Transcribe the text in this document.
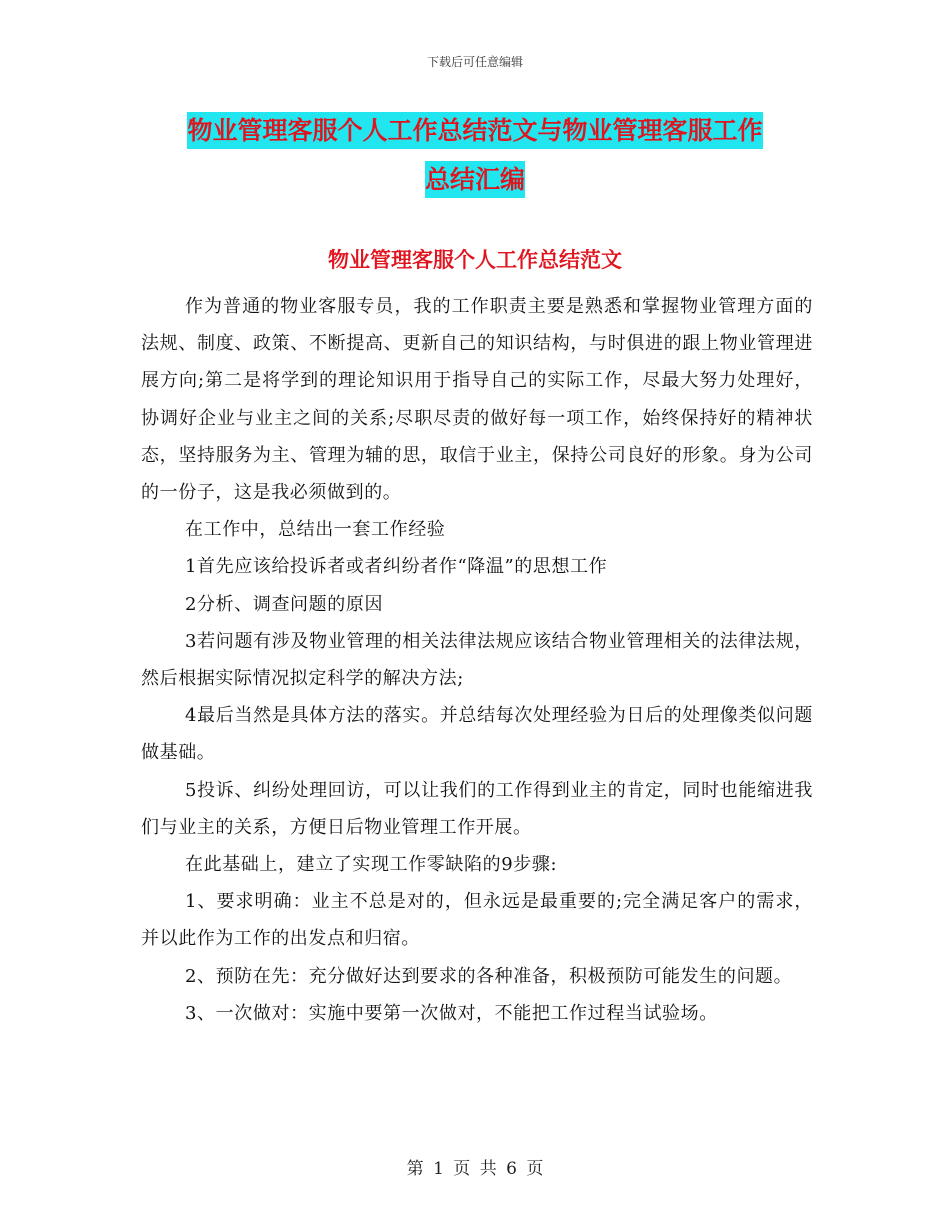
下载后可任意编辑
物业管理客服个人工作总结范文与物业管理客服工作
总结汇编
物业管理客服个人工作总结范文

作为普通的物业客服专员，我的工作职责主要是熟悉和掌握物业管理方面的法规、制度、政策、不断提高、更新自己的知识结构，与时俱进的跟上物业管理进展方向;第二是将学到的理论知识用于指导自己的实际工作，尽最大努力处理好，协调好企业与业主之间的关系;尽职尽责的做好每一项工作，始终保持好的精神状态，坚持服务为主、管理为辅的思，取信于业主，保持公司良好的形象。身为公司的一份子，这是我必须做到的。

在工作中，总结出一套工作经验

1首先应该给投诉者或者纠纷者作“降温”的思想工作

2分析、调查问题的原因

3若问题有涉及物业管理的相关法律法规应该结合物业管理相关的法律法规，然后根据实际情况拟定科学的解决方法;

4最后当然是具体方法的落实。并总结每次处理经验为日后的处理像类似问题做基础。

5投诉、纠纷处理回访，可以让我们的工作得到业主的肯定，同时也能缩进我们与业主的关系，方便日后物业管理工作开展。

在此基础上，建立了实现工作零缺陷的9步骤:

1、要求明确：业主不总是对的，但永远是最重要的;完全满足客户的需求，并以此作为工作的出发点和归宿。

2、预防在先：充分做好达到要求的各种准备，积极预防可能发生的问题。

3、一次做对：实施中要第一次做对，不能把工作过程当试验场。

第 1 页 共 6 页
